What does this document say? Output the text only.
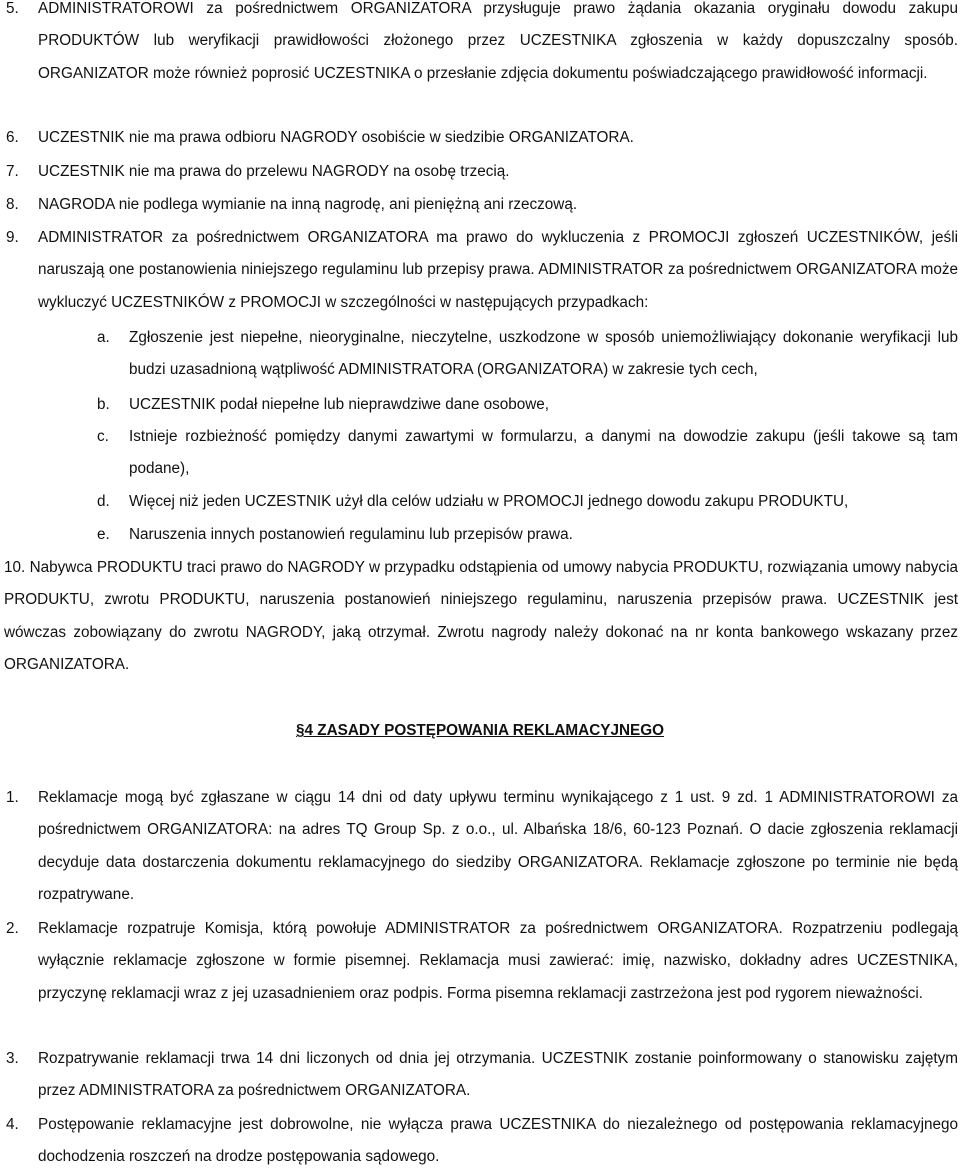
5. ADMINISTRATOROWI za pośrednictwem ORGANIZATORA przysługuje prawo żądania okazania oryginału dowodu zakupu PRODUKTÓW lub weryfikacji prawidłowości złożonego przez UCZESTNIKA zgłoszenia w każdy dopuszczalny sposób. ORGANIZATOR może również poprosić UCZESTNIKA o przesłanie zdjęcia dokumentu poświadczającego prawidłowość informacji.
6. UCZESTNIK nie ma prawa odbioru NAGRODY osobiście w siedzibie ORGANIZATORA.
7. UCZESTNIK nie ma prawa do przelewu NAGRODY na osobę trzecią.
8. NAGRODA nie podlega wymianie na inną nagrodę, ani pieniężną ani rzeczową.
9. ADMINISTRATOR za pośrednictwem ORGANIZATORA ma prawo do wykluczenia z PROMOCJI zgłoszeń UCZESTNIKÓW, jeśli naruszają one postanowienia niniejszego regulaminu lub przepisy prawa. ADMINISTRATOR za pośrednictwem ORGANIZATORA może wykluczyć UCZESTNIKÓW z PROMOCJI w szczególności w następujących przypadkach:
a. Zgłoszenie jest niepełne, nieoryginalne, nieczytelne, uszkodzone w sposób uniemożliwiający dokonanie weryfikacji lub budzi uzasadnioną wątpliwość ADMINISTRATORA (ORGANIZATORA) w zakresie tych cech,
b. UCZESTNIK podał niepełne lub nieprawdziwe dane osobowe,
c. Istnieje rozbieżność pomiędzy danymi zawartymi w formularzu, a danymi na dowodzie zakupu (jeśli takowe są tam podane),
d. Więcej niż jeden UCZESTNIK użył dla celów udziału w PROMOCJI jednego dowodu zakupu PRODUKTU,
e. Naruszenia innych postanowień regulaminu lub przepisów prawa.
10. Nabywca PRODUKTU traci prawo do NAGRODY w przypadku odstąpienia od umowy nabycia PRODUKTU, rozwiązania umowy nabycia PRODUKTU, zwrotu PRODUKTU, naruszenia postanowień niniejszego regulaminu, naruszenia przepisów prawa. UCZESTNIK jest wówczas zobowiązany do zwrotu NAGRODY, jaką otrzymał. Zwrotu nagrody należy dokonać na nr konta bankowego wskazany przez ORGANIZATORA.
§4 ZASADY POSTĘPOWANIA REKLAMACYJNEGO
1. Reklamacje mogą być zgłaszane w ciągu 14 dni od daty upływu terminu wynikającego z 1 ust. 9 zd. 1 ADMINISTRATOROWI za pośrednictwem ORGANIZATORA: na adres TQ Group Sp. z o.o., ul. Albańska 18/6, 60-123 Poznań. O dacie zgłoszenia reklamacji decyduje data dostarczenia dokumentu reklamacyjnego do siedziby ORGANIZATORA. Reklamacje zgłoszone po terminie nie będą rozpatrywane.
2. Reklamacje rozpatruje Komisja, którą powołuje ADMINISTRATOR za pośrednictwem ORGANIZATORA. Rozpatrzeniu podlegają wyłącznie reklamacje zgłoszone w formie pisemnej. Reklamacja musi zawierać: imię, nazwisko, dokładny adres UCZESTNIKA, przyczynę reklamacji wraz z jej uzasadnieniem oraz podpis. Forma pisemna reklamacji zastrzeżona jest pod rygorem nieważności.
3. Rozpatrywanie reklamacji trwa 14 dni liczonych od dnia jej otrzymania. UCZESTNIK zostanie poinformowany o stanowisku zajętym przez ADMINISTRATORA za pośrednictwem ORGANIZATORA.
4. Postępowanie reklamacyjne jest dobrowolne, nie wyłącza prawa UCZESTNIKA do niezależnego od postępowania reklamacyjnego dochodzenia roszczeń na drodze postępowania sądowego.
